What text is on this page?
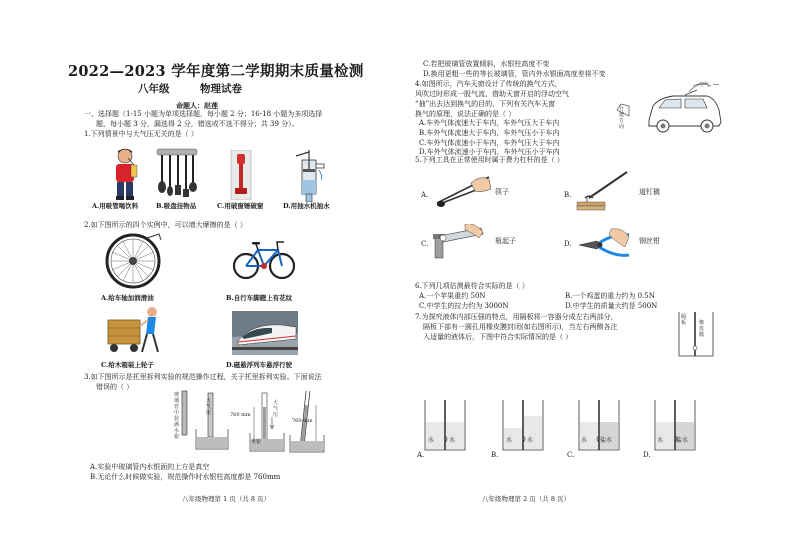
2022—2023 学年度第二学期期末质量检测
八年级	物理试卷
命题人：赵莲
一、选择题（1-15 小题为单项选择题，每小题 2 分；16-18 小题为多项选择
题，每小题 3 分，漏选得 2 分，错选或不选不得分；共 39 分）。
1.下列情景中与大气压无关的是（ ）
A.用吸管喝饮料	B.吸盘挂物品	C.用破窗锤破窗	D.用抽水机抽水
2.如下图所示的四个实例中，可以增大摩擦的是（ ）
A.给车轴加润滑油	B.自行车脚蹬上有花纹
C.给木箱装上轮子	D.磁悬浮列车悬浮行驶
3.如下图所示是托里拆利实验的规范操作过程，关于托里拆利实验。下面说法
错误的（ ）
玻璃管中装满水银
760 mm
760 mm
大气压
大气压
水银
A.实验中玻璃管内水银面的上方是真空
B.无论什么时候做实验，规范操作时水银柱高度都是 760mm
八年级物理第 1 页（共 8 页）
C.若把玻璃管放置倾斜，水银柱高度不变
D.换用更粗一些的等长玻璃管，管内外水银面高度差将不变
4.如图所示，汽车天窗设计了传统的换气方式，
风吹过时形成一股气流，借助天窗开启的浮动空气
“抽”出去达到换气的目的，下列有关汽车天窗
换气的原理，说法正确的是（ ）
A.车外气体流速大于车内，车外气压大于车内
B.车外气体流速大于车内，车外气压小于车内
C.车外气体流速小于车内，车外气压大于车内
D.车外气体流速小于车内，车外气压小于车内
行驶方向
空气
5.下列工具在正常使用时属于费力杠杆的是（ ）
A.	筷子	B.	道钉撬
C.	瓶起子	D.	钢丝钳
6.下列几项估测最符合实际的是（ ）
A.一个苹果重约 50N	B.一个鸡蛋的重力约为 0.5N
C.中学生的拉力约为 3000N	D.中学生的质量大约是 500N
7.为探究液体内部压强的特点，用隔板将一容器分成左右两部分，
隔板下部有一圆孔用橡皮膜封闭(如右图所示)，当左右两侧各注
入适量的液体后，下图中符合实际情况的是（ ）
隔板	橡皮膜
水 水
A.
水 水
B.
水 盐水
C.
水 盐水
D.
八年级物理第 2 页（共 8 页）
